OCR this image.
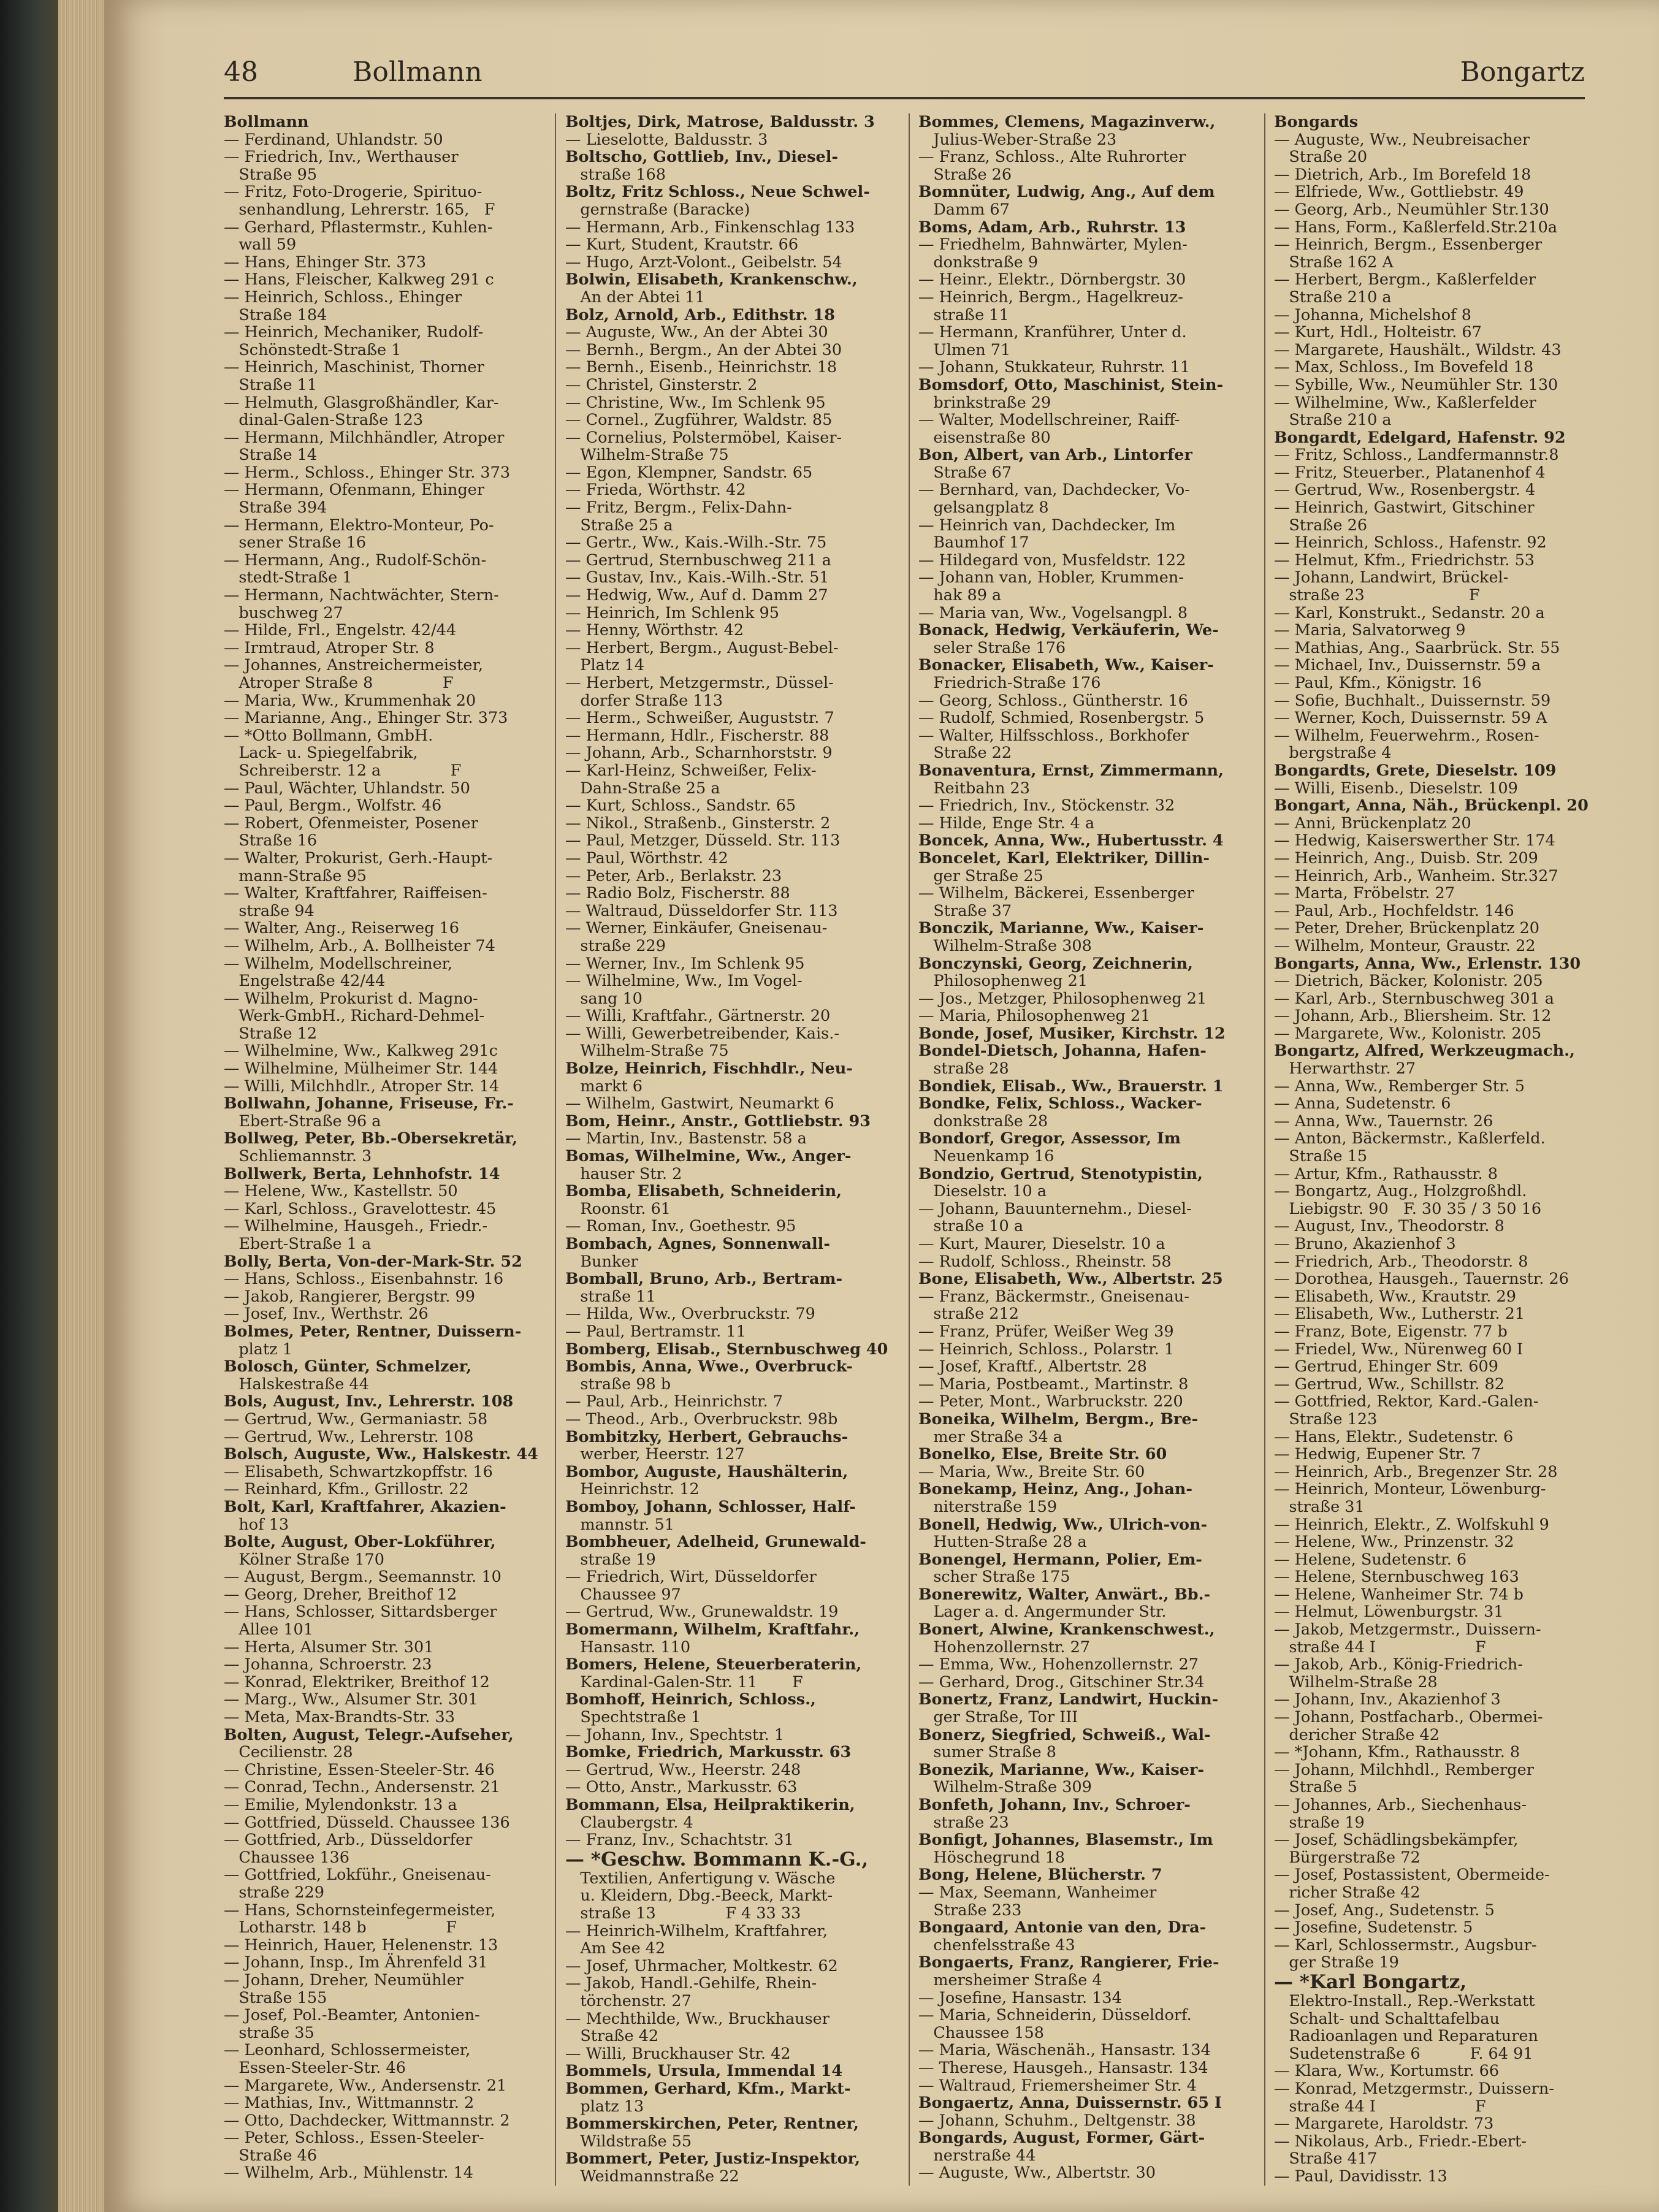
48	Bollmann	Bongartz
Bollmann
— Ferdinand, Uhlandstr. 50
— Friedrich, Inv., Werthauser
Straße 95
— Fritz, Foto-Drogerie, Spirituo-
senhandlung, Lehrerstr. 165,   F
— Gerhard, Pflastermstr., Kuhlen-
wall 59
— Hans, Ehinger Str. 373
— Hans, Fleischer, Kalkweg 291 c
— Heinrich, Schloss., Ehinger
Straße 184
— Heinrich, Mechaniker, Rudolf-
Schönstedt-Straße 1
— Heinrich, Maschinist, Thorner
Straße 11
— Helmuth, Glasgroßhändler, Kar-
dinal-Galen-Straße 123
— Hermann, Milchhändler, Atroper
Straße 14
— Herm., Schloss., Ehinger Str. 373
— Hermann, Ofenmann, Ehinger
Straße 394
— Hermann, Elektro-Monteur, Po-
sener Straße 16
— Hermann, Ang., Rudolf-Schön-
stedt-Straße 1
— Hermann, Nachtwächter, Stern-
buschweg 27
— Hilde, Frl., Engelstr. 42/44
— Irmtraud, Atroper Str. 8
— Johannes, Anstreichermeister,
Atroper Straße 8              F
— Maria, Ww., Krummenhak 20
— Marianne, Ang., Ehinger Str. 373
— *Otto Bollmann, GmbH.
Lack- u. Spiegelfabrik,
Schreiberstr. 12 a              F
— Paul, Wächter, Uhlandstr. 50
— Paul, Bergm., Wolfstr. 46
— Robert, Ofenmeister, Posener
Straße 16
— Walter, Prokurist, Gerh.-Haupt-
mann-Straße 95
— Walter, Kraftfahrer, Raiffeisen-
straße 94
— Walter, Ang., Reiserweg 16
— Wilhelm, Arb., A. Bollheister 74
— Wilhelm, Modellschreiner,
Engelstraße 42/44
— Wilhelm, Prokurist d. Magno-
Werk-GmbH., Richard-Dehmel-
Straße 12
— Wilhelmine, Ww., Kalkweg 291c
— Wilhelmine, Mülheimer Str. 144
— Willi, Milchhdlr., Atroper Str. 14
Bollwahn, Johanne, Friseuse, Fr.-
Ebert-Straße 96 a
Bollweg, Peter, Bb.-Obersekretär,
Schliemannstr. 3
Bollwerk, Berta, Lehnhofstr. 14
— Helene, Ww., Kastellstr. 50
— Karl, Schloss., Gravelottestr. 45
— Wilhelmine, Hausgeh., Friedr.-
Ebert-Straße 1 a
Bolly, Berta, Von-der-Mark-Str. 52
— Hans, Schloss., Eisenbahnstr. 16
— Jakob, Rangierer, Bergstr. 99
— Josef, Inv., Werthstr. 26
Bolmes, Peter, Rentner, Duissern-
platz 1
Bolosch, Günter, Schmelzer,
Halskestraße 44
Bols, August, Inv., Lehrerstr. 108
— Gertrud, Ww., Germaniastr. 58
— Gertrud, Ww., Lehrerstr. 108
Bolsch, Auguste, Ww., Halskestr. 44
— Elisabeth, Schwartzkopffstr. 16
— Reinhard, Kfm., Grillostr. 22
Bolt, Karl, Kraftfahrer, Akazien-
hof 13
Bolte, August, Ober-Lokführer,
Kölner Straße 170
— August, Bergm., Seemannstr. 10
— Georg, Dreher, Breithof 12
— Hans, Schlosser, Sittardsberger
Allee 101
— Herta, Alsumer Str. 301
— Johanna, Schroerstr. 23
— Konrad, Elektriker, Breithof 12
— Marg., Ww., Alsumer Str. 301
— Meta, Max-Brandts-Str. 33
Bolten, August, Telegr.-Aufseher,
Cecilienstr. 28
— Christine, Essen-Steeler-Str. 46
— Conrad, Techn., Andersenstr. 21
— Emilie, Mylendonkstr. 13 a
— Gottfried, Düsseld. Chaussee 136
— Gottfried, Arb., Düsseldorfer
Chaussee 136
— Gottfried, Lokführ., Gneisenau-
straße 229
— Hans, Schornsteinfegermeister,
Lotharstr. 148 b                F
— Heinrich, Hauer, Helenenstr. 13
— Johann, Insp., Im Ährenfeld 31
— Johann, Dreher, Neumühler
Straße 155
— Josef, Pol.-Beamter, Antonien-
straße 35
— Leonhard, Schlossermeister,
Essen-Steeler-Str. 46
— Margarete, Ww., Andersenstr. 21
— Mathias, Inv., Wittmannstr. 2
— Otto, Dachdecker, Wittmannstr. 2
— Peter, Schloss., Essen-Steeler-
Straße 46
— Wilhelm, Arb., Mühlenstr. 14
Boltjes, Dirk, Matrose, Baldusstr. 3
— Lieselotte, Baldusstr. 3
Boltscho, Gottlieb, Inv., Diesel-
straße 168
Boltz, Fritz Schloss., Neue Schwel-
gernstraße (Baracke)
— Hermann, Arb., Finkenschlag 133
— Kurt, Student, Krautstr. 66
— Hugo, Arzt-Volont., Geibelstr. 54
Bolwin, Elisabeth, Krankenschw.,
An der Abtei 11
Bolz, Arnold, Arb., Edithstr. 18
— Auguste, Ww., An der Abtei 30
— Bernh., Bergm., An der Abtei 30
— Bernh., Eisenb., Heinrichstr. 18
— Christel, Ginsterstr. 2
— Christine, Ww., Im Schlenk 95
— Cornel., Zugführer, Waldstr. 85
— Cornelius, Polstermöbel, Kaiser-
Wilhelm-Straße 75
— Egon, Klempner, Sandstr. 65
— Frieda, Wörthstr. 42
— Fritz, Bergm., Felix-Dahn-
Straße 25 a
— Gertr., Ww., Kais.-Wilh.-Str. 75
— Gertrud, Sternbuschweg 211 a
— Gustav, Inv., Kais.-Wilh.-Str. 51
— Hedwig, Ww., Auf d. Damm 27
— Heinrich, Im Schlenk 95
— Henny, Wörthstr. 42
— Herbert, Bergm., August-Bebel-
Platz 14
— Herbert, Metzgermstr., Düssel-
dorfer Straße 113
— Herm., Schweißer, Auguststr. 7
— Hermann, Hdlr., Fischerstr. 88
— Johann, Arb., Scharnhorststr. 9
— Karl-Heinz, Schweißer, Felix-
Dahn-Straße 25 a
— Kurt, Schloss., Sandstr. 65
— Nikol., Straßenb., Ginsterstr. 2
— Paul, Metzger, Düsseld. Str. 113
— Paul, Wörthstr. 42
— Peter, Arb., Berlakstr. 23
— Radio Bolz, Fischerstr. 88
— Waltraud, Düsseldorfer Str. 113
— Werner, Einkäufer, Gneisenau-
straße 229
— Werner, Inv., Im Schlenk 95
— Wilhelmine, Ww., Im Vogel-
sang 10
— Willi, Kraftfahr., Gärtnerstr. 20
— Willi, Gewerbetreibender, Kais.-
Wilhelm-Straße 75
Bolze, Heinrich, Fischhdlr., Neu-
markt 6
— Wilhelm, Gastwirt, Neumarkt 6
Bom, Heinr., Anstr., Gottliebstr. 93
— Martin, Inv., Bastenstr. 58 a
Bomas, Wilhelmine, Ww., Anger-
hauser Str. 2
Bomba, Elisabeth, Schneiderin,
Roonstr. 61
— Roman, Inv., Goethestr. 95
Bombach, Agnes, Sonnenwall-
Bunker
Bomball, Bruno, Arb., Bertram-
straße 11
— Hilda, Ww., Overbruckstr. 79
— Paul, Bertramstr. 11
Bomberg, Elisab., Sternbuschweg 40
Bombis, Anna, Wwe., Overbruck-
straße 98 b
— Paul, Arb., Heinrichstr. 7
— Theod., Arb., Overbruckstr. 98b
Bombitzky, Herbert, Gebrauchs-
werber, Heerstr. 127
Bombor, Auguste, Haushälterin,
Heinrichstr. 12
Bomboy, Johann, Schlosser, Half-
mannstr. 51
Bombheuer, Adelheid, Grunewald-
straße 19
— Friedrich, Wirt, Düsseldorfer
Chaussee 97
— Gertrud, Ww., Grunewaldstr. 19
Bomermann, Wilhelm, Kraftfahr.,
Hansastr. 110
Bomers, Helene, Steuerberaterin,
Kardinal-Galen-Str. 11       F
Bomhoff, Heinrich, Schloss.,
Spechtstraße 1
— Johann, Inv., Spechtstr. 1
Bomke, Friedrich, Markusstr. 63
— Gertrud, Ww., Heerstr. 248
— Otto, Anstr., Markusstr. 63
Bommann, Elsa, Heilpraktikerin,
Claubergstr. 4
— Franz, Inv., Schachtstr. 31
— *Geschw. Bommann K.-G.,
Textilien, Anfertigung v. Wäsche
u. Kleidern, Dbg.-Beeck, Markt-
straße 13              F 4 33 33
— Heinrich-Wilhelm, Kraftfahrer,
Am See 42
— Josef, Uhrmacher, Moltkestr. 62
— Jakob, Handl.-Gehilfe, Rhein-
törchenstr. 27
— Mechthilde, Ww., Bruckhauser
Straße 42
— Willi, Bruckhauser Str. 42
Bommels, Ursula, Immendal 14
Bommen, Gerhard, Kfm., Markt-
platz 13
Bommerskirchen, Peter, Rentner,
Wildstraße 55
Bommert, Peter, Justiz-Inspektor,
Weidmannstraße 22
Bommes, Clemens, Magazinverw.,
Julius-Weber-Straße 23
— Franz, Schloss., Alte Ruhrorter
Straße 26
Bomnüter, Ludwig, Ang., Auf dem
Damm 67
Boms, Adam, Arb., Ruhrstr. 13
— Friedhelm, Bahnwärter, Mylen-
donkstraße 9
— Heinr., Elektr., Dörnbergstr. 30
— Heinrich, Bergm., Hagelkreuz-
straße 11
— Hermann, Kranführer, Unter d.
Ulmen 71
— Johann, Stukkateur, Ruhrstr. 11
Bomsdorf, Otto, Maschinist, Stein-
brinkstraße 29
— Walter, Modellschreiner, Raiff-
eisenstraße 80
Bon, Albert, van Arb., Lintorfer
Straße 67
— Bernhard, van, Dachdecker, Vo-
gelsangplatz 8
— Heinrich van, Dachdecker, Im
Baumhof 17
— Hildegard von, Musfeldstr. 122
— Johann van, Hobler, Krummen-
hak 89 a
— Maria van, Ww., Vogelsangpl. 8
Bonack, Hedwig, Verkäuferin, We-
seler Straße 176
Bonacker, Elisabeth, Ww., Kaiser-
Friedrich-Straße 176
— Georg, Schloss., Güntherstr. 16
— Rudolf, Schmied, Rosenbergstr. 5
— Walter, Hilfsschloss., Borkhofer
Straße 22
Bonaventura, Ernst, Zimmermann,
Reitbahn 23
— Friedrich, Inv., Stöckenstr. 32
— Hilde, Enge Str. 4 a
Boncek, Anna, Ww., Hubertusstr. 4
Boncelet, Karl, Elektriker, Dillin-
ger Straße 25
— Wilhelm, Bäckerei, Essenberger
Straße 37
Bonczik, Marianne, Ww., Kaiser-
Wilhelm-Straße 308
Bonczynski, Georg, Zeichnerin,
Philosophenweg 21
— Jos., Metzger, Philosophenweg 21
— Maria, Philosophenweg 21
Bonde, Josef, Musiker, Kirchstr. 12
Bondel-Dietsch, Johanna, Hafen-
straße 28
Bondiek, Elisab., Ww., Brauerstr. 1
Bondke, Felix, Schloss., Wacker-
donkstraße 28
Bondorf, Gregor, Assessor, Im
Neuenkamp 16
Bondzio, Gertrud, Stenotypistin,
Dieselstr. 10 a
— Johann, Bauunternehm., Diesel-
straße 10 a
— Kurt, Maurer, Dieselstr. 10 a
— Rudolf, Schloss., Rheinstr. 58
Bone, Elisabeth, Ww., Albertstr. 25
— Franz, Bäckermstr., Gneisenau-
straße 212
— Franz, Prüfer, Weißer Weg 39
— Heinrich, Schloss., Polarstr. 1
— Josef, Kraftf., Albertstr. 28
— Maria, Postbeamt., Martinstr. 8
— Peter, Mont., Warbruckstr. 220
Boneika, Wilhelm, Bergm., Bre-
mer Straße 34 a
Bonelko, Else, Breite Str. 60
— Maria, Ww., Breite Str. 60
Bonekamp, Heinz, Ang., Johan-
niterstraße 159
Bonell, Hedwig, Ww., Ulrich-von-
Hutten-Straße 28 a
Bonengel, Hermann, Polier, Em-
scher Straße 175
Bonerewitz, Walter, Anwärt., Bb.-
Lager a. d. Angermunder Str.
Bonert, Alwine, Krankenschwest.,
Hohenzollernstr. 27
— Emma, Ww., Hohenzollernstr. 27
— Gerhard, Drog., Gitschiner Str.34
Bonertz, Franz, Landwirt, Huckin-
ger Straße, Tor III
Bonerz, Siegfried, Schweiß., Wal-
sumer Straße 8
Bonezik, Marianne, Ww., Kaiser-
Wilhelm-Straße 309
Bonfeth, Johann, Inv., Schroer-
straße 23
Bonfigt, Johannes, Blasemstr., Im
Höschegrund 18
Bong, Helene, Blücherstr. 7
— Max, Seemann, Wanheimer
Straße 233
Bongaard, Antonie van den, Dra-
chenfelsstraße 43
Bongaerts, Franz, Rangierer, Frie-
mersheimer Straße 4
— Josefine, Hansastr. 134
— Maria, Schneiderin, Düsseldorf.
Chaussee 158
— Maria, Wäschenäh., Hansastr. 134
— Therese, Hausgeh., Hansastr. 134
— Waltraud, Friemersheimer Str. 4
Bongaertz, Anna, Duissernstr. 65 I
— Johann, Schuhm., Deltgenstr. 38
Bongards, August, Former, Gärt-
nerstraße 44
— Auguste, Ww., Albertstr. 30
Bongards
— Auguste, Ww., Neubreisacher
Straße 20
— Dietrich, Arb., Im Borefeld 18
— Elfriede, Ww., Gottliebstr. 49
— Georg, Arb., Neumühler Str.130
— Hans, Form., Kaßlerfeld.Str.210a
— Heinrich, Bergm., Essenberger
Straße 162 A
— Herbert, Bergm., Kaßlerfelder
Straße 210 a
— Johanna, Michelshof 8
— Kurt, Hdl., Holteistr. 67
— Margarete, Haushält., Wildstr. 43
— Max, Schloss., Im Bovefeld 18
— Sybille, Ww., Neumühler Str. 130
— Wilhelmine, Ww., Kaßlerfelder
Straße 210 a
Bongardt, Edelgard, Hafenstr. 92
— Fritz, Schloss., Landfermannstr.8
— Fritz, Steuerber., Platanenhof 4
— Gertrud, Ww., Rosenbergstr. 4
— Heinrich, Gastwirt, Gitschiner
Straße 26
— Heinrich, Schloss., Hafenstr. 92
— Helmut, Kfm., Friedrichstr. 53
— Johann, Landwirt, Brückel-
straße 23                     F
— Karl, Konstrukt., Sedanstr. 20 a
— Maria, Salvatorweg 9
— Mathias, Ang., Saarbrück. Str. 55
— Michael, Inv., Duissernstr. 59 a
— Paul, Kfm., Königstr. 16
— Sofie, Buchhalt., Duissernstr. 59
— Werner, Koch, Duissernstr. 59 A
— Wilhelm, Feuerwehrm., Rosen-
bergstraße 4
Bongardts, Grete, Dieselstr. 109
— Willi, Eisenb., Dieselstr. 109
Bongart, Anna, Näh., Brückenpl. 20
— Anni, Brückenplatz 20
— Hedwig, Kaiserswerther Str. 174
— Heinrich, Ang., Duisb. Str. 209
— Heinrich, Arb., Wanheim. Str.327
— Marta, Fröbelstr. 27
— Paul, Arb., Hochfeldstr. 146
— Peter, Dreher, Brückenplatz 20
— Wilhelm, Monteur, Graustr. 22
Bongarts, Anna, Ww., Erlenstr. 130
— Dietrich, Bäcker, Kolonistr. 205
— Karl, Arb., Sternbuschweg 301 a
— Johann, Arb., Bliersheim. Str. 12
— Margarete, Ww., Kolonistr. 205
Bongartz, Alfred, Werkzeugmach.,
Herwarthstr. 27
— Anna, Ww., Remberger Str. 5
— Anna, Sudetenstr. 6
— Anna, Ww., Tauernstr. 26
— Anton, Bäckermstr., Kaßlerfeld.
Straße 15
— Artur, Kfm., Rathausstr. 8
— Bongartz, Aug., Holzgroßhdl.
Liebigstr. 90   F. 30 35 / 3 50 16
— August, Inv., Theodorstr. 8
— Bruno, Akazienhof 3
— Friedrich, Arb., Theodorstr. 8
— Dorothea, Hausgeh., Tauernstr. 26
— Elisabeth, Ww., Krautstr. 29
— Elisabeth, Ww., Lutherstr. 21
— Franz, Bote, Eigenstr. 77 b
— Friedel, Ww., Nürenweg 60 I
— Gertrud, Ehinger Str. 609
— Gertrud, Ww., Schillstr. 82
— Gottfried, Rektor, Kard.-Galen-
Straße 123
— Hans, Elektr., Sudetenstr. 6
— Hedwig, Eupener Str. 7
— Heinrich, Arb., Bregenzer Str. 28
— Heinrich, Monteur, Löwenburg-
straße 31
— Heinrich, Elektr., Z. Wolfskuhl 9
— Helene, Ww., Prinzenstr. 32
— Helene, Sudetenstr. 6
— Helene, Sternbuschweg 163
— Helene, Wanheimer Str. 74 b
— Helmut, Löwenburgstr. 31
— Jakob, Metzgermstr., Duissern-
straße 44 I                    F
— Jakob, Arb., König-Friedrich-
Wilhelm-Straße 28
— Johann, Inv., Akazienhof 3
— Johann, Postfacharb., Obermei-
dericher Straße 42
— *Johann, Kfm., Rathausstr. 8
— Johann, Milchhdl., Remberger
Straße 5
— Johannes, Arb., Siechenhaus-
straße 19
— Josef, Schädlingsbekämpfer,
Bürgerstraße 72
— Josef, Postassistent, Obermeide-
richer Straße 42
— Josef, Ang., Sudetenstr. 5
— Josefine, Sudetenstr. 5
— Karl, Schlossermstr., Augsbur-
ger Straße 19
— *Karl Bongartz,
Elektro-Install., Rep.-Werkstatt
Schalt- und Schalttafelbau
Radioanlagen und Reparaturen
Sudetenstraße 6          F. 64 91
— Klara, Ww., Kortumstr. 66
— Konrad, Metzgermstr., Duissern-
straße 44 I                    F
— Margarete, Haroldstr. 73
— Nikolaus, Arb., Friedr.-Ebert-
Straße 417
— Paul, Davidisstr. 13
